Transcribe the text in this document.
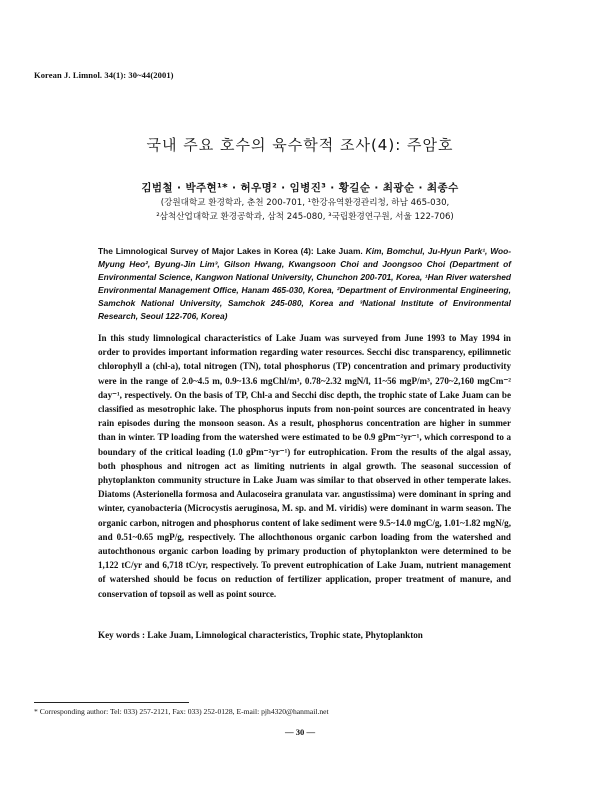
Korean J. Limnol. 34(1): 30~44(2001)
국내 주요 호수의 육수학적 조사(4): 주암호
김범철 · 박주현¹* · 허우명² · 임병진³ · 황길순 · 최광순 · 최종수
(강원대학교 환경학과, 춘천 200-701, ¹한강유역환경관리청, 하남 465-030,
²삼척산업대학교 환경공학과, 삼척 245-080, ³국립환경연구원, 서울 122-706)
The Limnological Survey of Major Lakes in Korea (4): Lake Juam. Kim, Bomchul, Ju-Hyun Park¹, Woo-Myung Heo², Byung-Jin Lim³, Gilson Hwang, Kwangsoon Choi and Joongsoo Choi (Department of Environmental Science, Kangwon National University, Chunchon 200-701, Korea, ¹Han River watershed Environmental Management Office, Hanam 465-030, Korea, ²Department of Environmental Engineering, Samchok National University, Samchok 245-080, Korea and ³National Institute of Environmental Research, Seoul 122-706, Korea)

In this study limnological characteristics of Lake Juam was surveyed from June 1993 to May 1994 in order to provides important information regarding water resources. Secchi disc transparency, epilimnetic chlorophyll a (chl-a), total nitrogen (TN), total phosphorus (TP) concentration and primary productivity were in the range of 2.0~4.5 m, 0.9~13.6 mgChl/m³, 0.78~2.32 mgN/l, 11~56 mgP/m³, 270~2,160 mgCm⁻² day⁻¹, respectively. On the basis of TP, Chl-a and Secchi disc depth, the trophic state of Lake Juam can be classified as mesotrophic lake. The phosphorus inputs from non-point sources are concentrated in heavy rain episodes during the monsoon season. As a result, phosphorus concentration are higher in summer than in winter. TP loading from the watershed were estimated to be 0.9 gPm⁻²yr⁻¹, which correspond to a boundary of the critical loading (1.0 gPm⁻²yr⁻¹) for eutrophication. From the results of the algal assay, both phosphous and nitrogen act as limiting nutrients in algal growth. The seasonal succession of phytoplankton community structure in Lake Juam was similar to that observed in other temperate lakes. Diatoms (Asterionella formosa and Aulacoseira granulata var. angustissima) were dominant in spring and winter, cyanobacteria (Microcystis aeruginosa, M. sp. and M. viridis) were dominant in warm season. The organic carbon, nitrogen and phosphorus content of lake sediment were 9.5~14.0 mgC/g, 1.01~1.82 mgN/g, and 0.51~0.65 mgP/g, respectively. The allochthonous organic carbon loading from the watershed and autochthonous organic carbon loading by primary production of phytoplankton were determined to be 1,122 tC/yr and 6,718 tC/yr, respectively. To prevent eutrophication of Lake Juam, nutrient management of watershed should be focus on reduction of fertilizer application, proper treatment of manure, and conservation of topsoil as well as point source.

Key words : Lake Juam, Limnological characteristics, Trophic state, Phytoplankton
* Corresponding author: Tel: 033) 257-2121, Fax: 033) 252-0128, E-mail: pjh4320@hanmail.net
— 30 —
